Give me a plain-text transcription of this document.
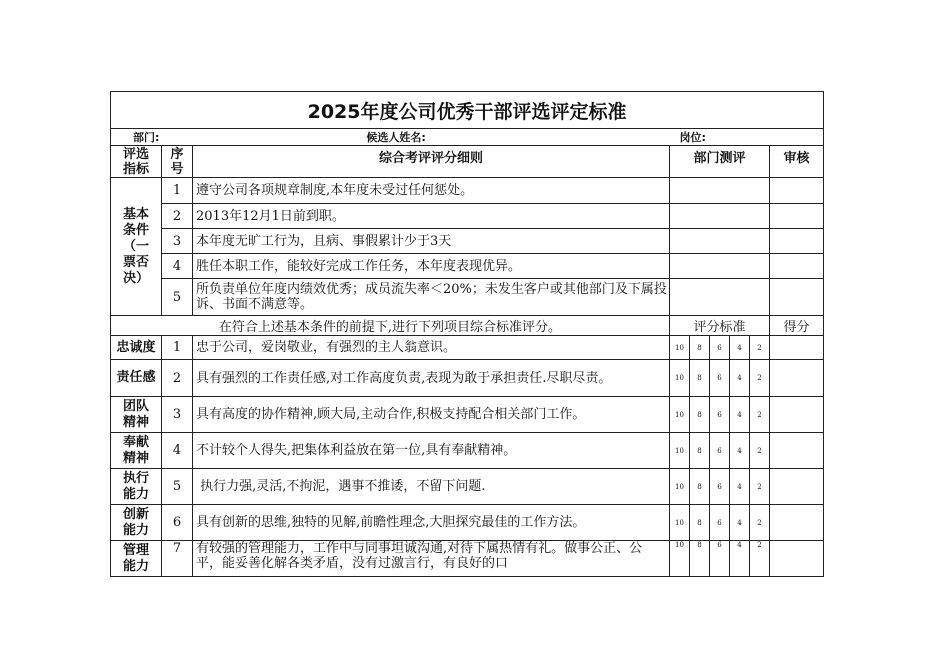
2025年度公司优秀干部评选评定标准								
部门: 候选人姓名:			岗位:					

评选指标	序号	综合考评评分细则	部门测评					审核

基本条件（一票否决）	1	遵守公司各项规章制度,本年度未受过任何惩处。						
	2	2013年12月1日前到职。						
	3	本年度无旷工行为，且病、事假累计少于3天						
	4	胜任本职工作，能较好完成工作任务，本年度表现优异。						
	5	所负责单位年度内绩效优秀；成员流失率＜20%；未发生客户或其他部门及下属投诉、书面不满意等。						
在符合上述基本条件的前提下,进行下列项目综合标准评分。			评分标准					得分
忠诚度	1	忠于公司，爱岗敬业，有强烈的主人翁意识。	10	8	6	4	2	
责任感	2	具有强烈的工作责任感,对工作高度负责,表现为敢于承担责任.尽职尽责。	10	8	6	4	2	

团队精神	3	具有高度的协作精神,顾大局,主动合作,积极支持配合相关部门工作。	10	8	6	4	2	

奉献精神	4	不计较个人得失,把集体利益放在第一位,具有奉献精神。	10	8	6	4	2	

执行能力	5	执行力强,灵活,不拘泥，遇事不推诿，不留下问题.	10	8	6	4	2	

创新能力	6	具有创新的思维,独特的见解,前瞻性理念,大胆探究最佳的工作方法。	10	8	6	4	2	

管理能力	7	有较强的管理能力，工作中与同事坦诚沟通,对待下属热情有礼。做事公正、公平，能妥善化解各类矛盾，没有过激言行，有良好的口	10	8	6	4	2	
